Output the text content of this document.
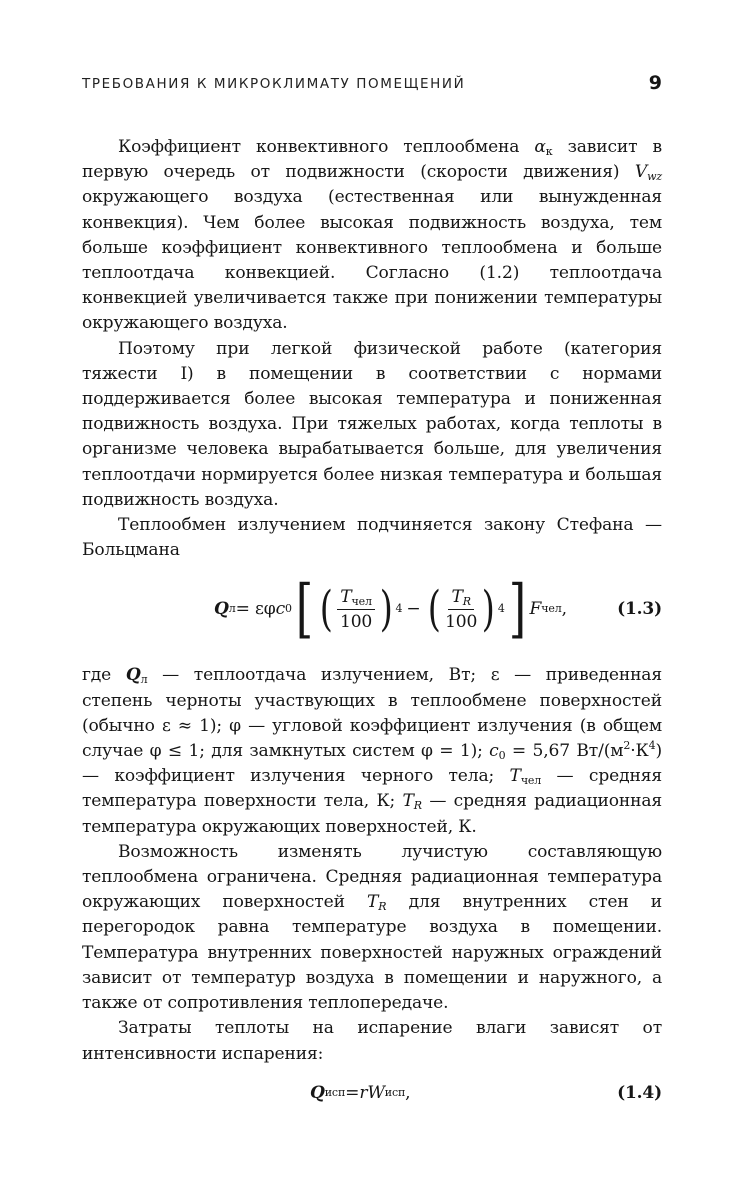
ТРЕБОВАНИЯ К МИКРОКЛИМАТУ ПОМЕЩЕНИЙ	9

Коэффициент конвективного теплообмена $\alpha_к$ зависит в первую очередь от подвижности (скорости движения) $V_{wz}$ окружающего воздуха (естественная или вынужденная конвекция). Чем более высокая подвижность воздуха, тем больше коэффициент конвективного теплообмена и больше теплоотдача конвекцией. Согласно (1.2) теплоотдача конвекцией увеличивается также при понижении температуры окружающего воздуха.

Поэтому при легкой физической работе (категория тяжести I) в помещении в соответствии с нормами поддерживается более высокая температура и пониженная подвижность воздуха. При тяжелых работах, когда теплоты в организме человека вырабатывается больше, для увеличения теплоотдачи нормируется более низкая температура и большая подвижность воздуха.

Теплообмен излучением подчиняется закону Стефана — Больцмана

Q л = εφ c 0 [ ( $\frac{T_{чел}}{100}$ ) 4 − ( $\frac{T_R}{100}$ ) 4 ] F чел ,	(1.3)

где $Q_л$ — теплоотдача излучением, Вт; ε — приведенная степень черноты участвующих в теплообмене поверхностей (обычно ε ≈ 1); φ — угловой коэффициент излучения (в общем случае φ ≤ 1; для замкнутых систем φ = 1); $c_0 = 5,67$ $Вт/(м^2\cdot К^4)$ — коэффициент излучения черного тела; $T_{чел}$ — средняя температура поверхности тела, К; $T_R$ — средняя радиационная температура окружающих поверхностей, К.

Возможность изменять лучистую составляющую теплообмена ограничена. Средняя радиационная температура окружающих поверхностей $T_R$ для внутренних стен и перегородок равна температуре воздуха в помещении. Температура внутренних поверхностей наружных ограждений зависит от температур воздуха в помещении и наружного, а также от сопротивления теплопередаче.

Затраты теплоты на испарение влаги зависят от интенсивности испарения:

Q исп = rW исп ,	(1.4)
